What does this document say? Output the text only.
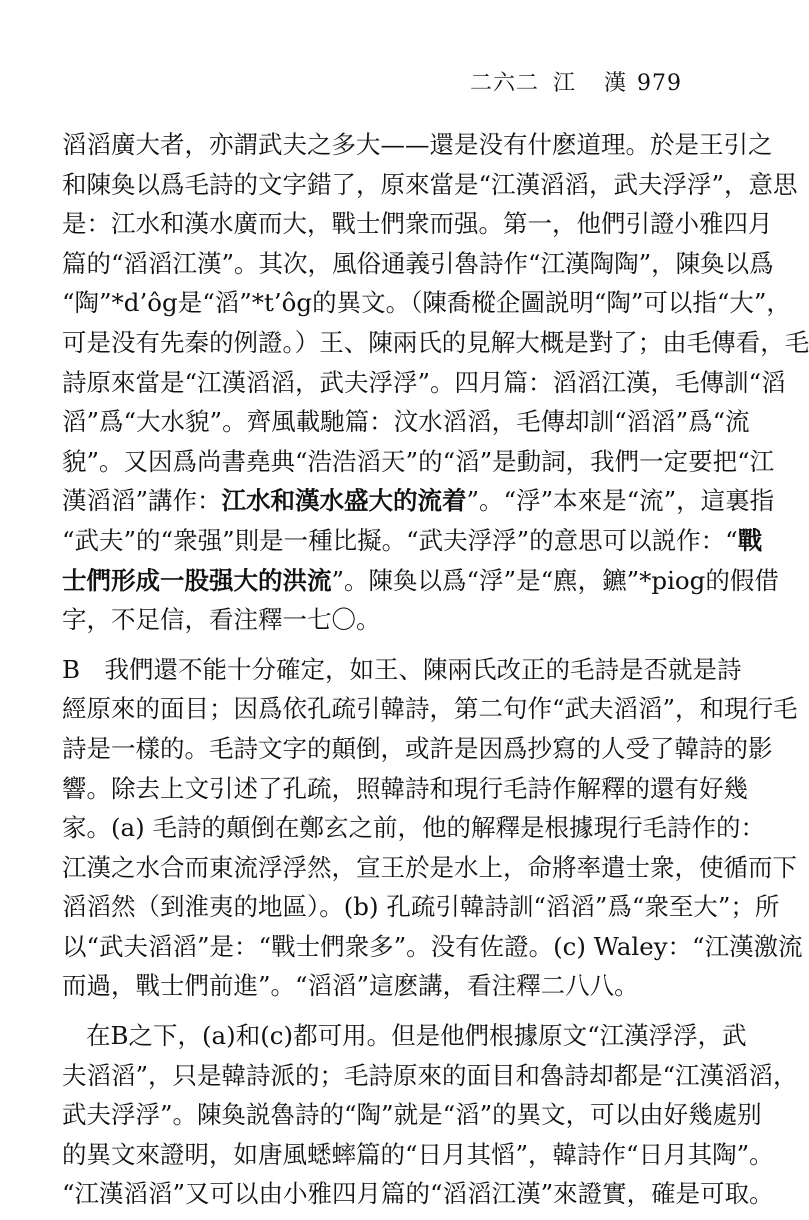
二六二 江 漢 979
滔滔廣大者，亦謂武夫之多大——還是没有什麽道理。於是王引之
和陳奐以爲毛詩的文字錯了，原來當是“江漢滔滔，武夫浮浮”，意思
是：江水和漢水廣而大，戰士們衆而强。第一，他們引證小雅四月
篇的“滔滔江漢”。其次，風俗通義引魯詩作“江漢陶陶”，陳奐以爲
“陶”*d’ôg是“滔”*t’ôg的異文。（陳喬樅企圖説明“陶”可以指“大”，
可是没有先秦的例證。）王、陳兩氏的見解大概是對了；由毛傳看，毛
詩原來當是“江漢滔滔，武夫浮浮”。四月篇：滔滔江漢，毛傳訓“滔
滔”爲“大水貌”。齊風載馳篇：汶水滔滔，毛傳却訓“滔滔”爲“流
貌”。又因爲尚書堯典“浩浩滔天”的“滔”是動詞，我們一定要把“江
漢滔滔”講作：江水和漢水盛大的流着”。“浮”本來是“流”，這裏指
“武夫”的“衆强”則是一種比擬。“武夫浮浮”的意思可以説作：“戰
士們形成一股强大的洪流”。陳奐以爲“浮”是“麃，鑣”*piog的假借
字，不足信，看注釋一七〇。
B　我們還不能十分確定，如王、陳兩氏改正的毛詩是否就是詩
經原來的面目；因爲依孔疏引韓詩，第二句作“武夫滔滔”，和現行毛
詩是一樣的。毛詩文字的顛倒，或許是因爲抄寫的人受了韓詩的影
響。除去上文引述了孔疏，照韓詩和現行毛詩作解釋的還有好幾
家。(a) 毛詩的顛倒在鄭玄之前，他的解釋是根據現行毛詩作的：
江漢之水合而東流浮浮然，宣王於是水上，命將率遣士衆，使循而下
滔滔然（到淮夷的地區）。(b) 孔疏引韓詩訓“滔滔”爲“衆至大”；所
以“武夫滔滔”是：“戰士們衆多”。没有佐證。(c) Waley：“江漢激流
而過，戰士們前進”。“滔滔”這麽講，看注釋二八八。
在B之下，(a)和(c)都可用。但是他們根據原文“江漢浮浮，武
夫滔滔”，只是韓詩派的；毛詩原來的面目和魯詩却都是“江漢滔滔，
武夫浮浮”。陳奐説魯詩的“陶”就是“滔”的異文，可以由好幾處别
的異文來證明，如唐風蟋蟀篇的“日月其慆”，韓詩作“日月其陶”。
“江漢滔滔”又可以由小雅四月篇的“滔滔江漢”來證實，確是可取。
